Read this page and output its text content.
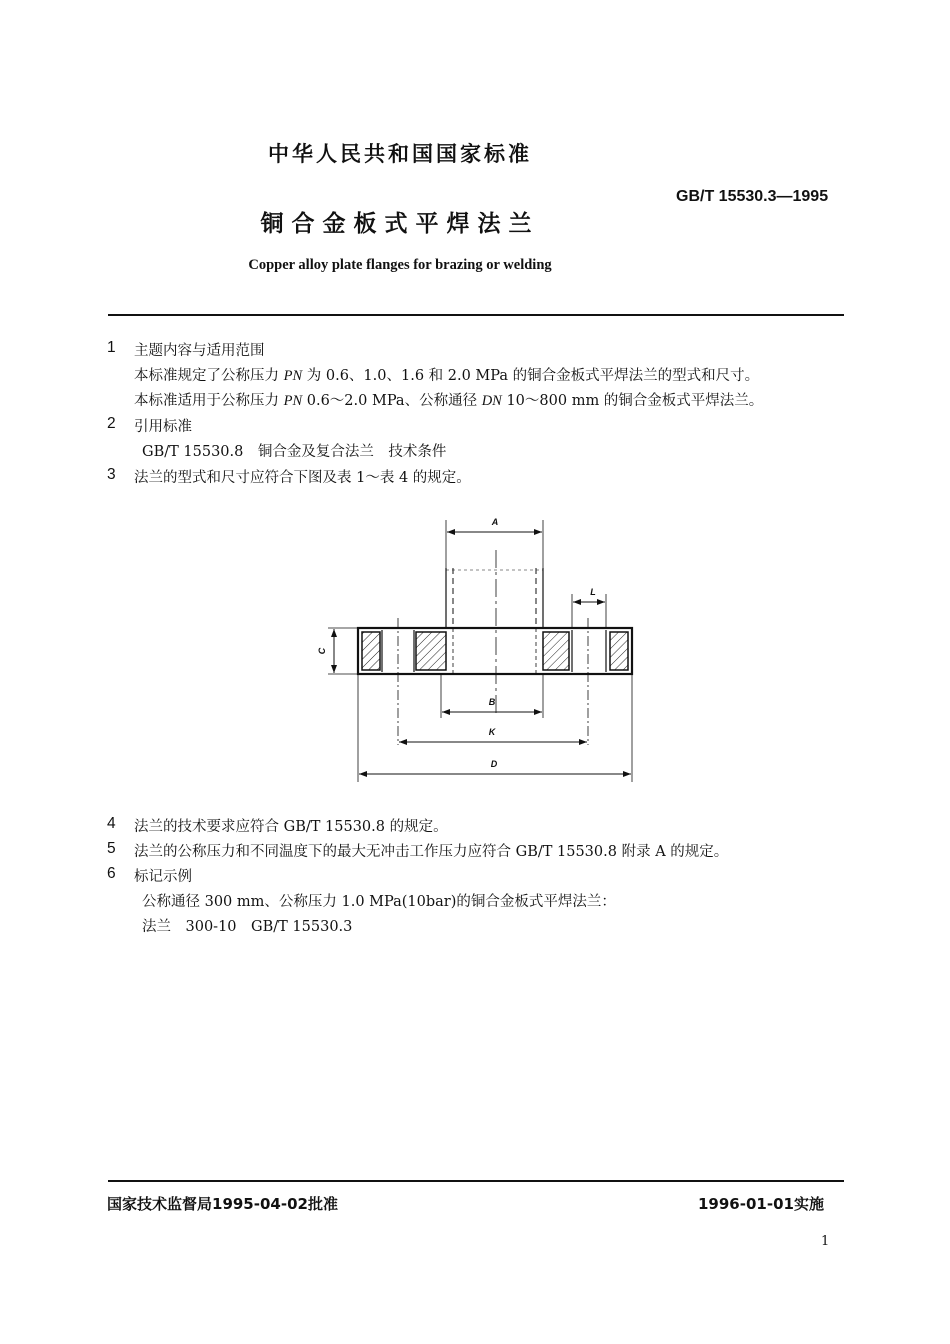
中华人民共和国国家标准
GB/T 15530.3—1995
铜合金板式平焊法兰
Copper alloy plate flanges for brazing or welding
1 主题内容与适用范围
本标准规定了公称压力 PN 为 0.6、1.0、1.6 和 2.0 MPa 的铜合金板式平焊法兰的型式和尺寸。
本标准适用于公称压力 PN 0.6～2.0 MPa、公称通径 DN 10～800 mm 的铜合金板式平焊法兰。
2 引用标准
GB/T 15530.8　铜合金及复合法兰　技术条件
3 法兰的型式和尺寸应符合下图及表 1～表 4 的规定。
A
L
C
B
K
D
4 法兰的技术要求应符合 GB/T 15530.8 的规定。
5 法兰的公称压力和不同温度下的最大无冲击工作压力应符合 GB/T 15530.8 附录 A 的规定。
6 标记示例
公称通径 300 mm、公称压力 1.0 MPa(10bar)的铜合金板式平焊法兰：
法兰　300-10　GB/T 15530.3
国家技术监督局1995-04-02批准	1996-01-01实施
1
